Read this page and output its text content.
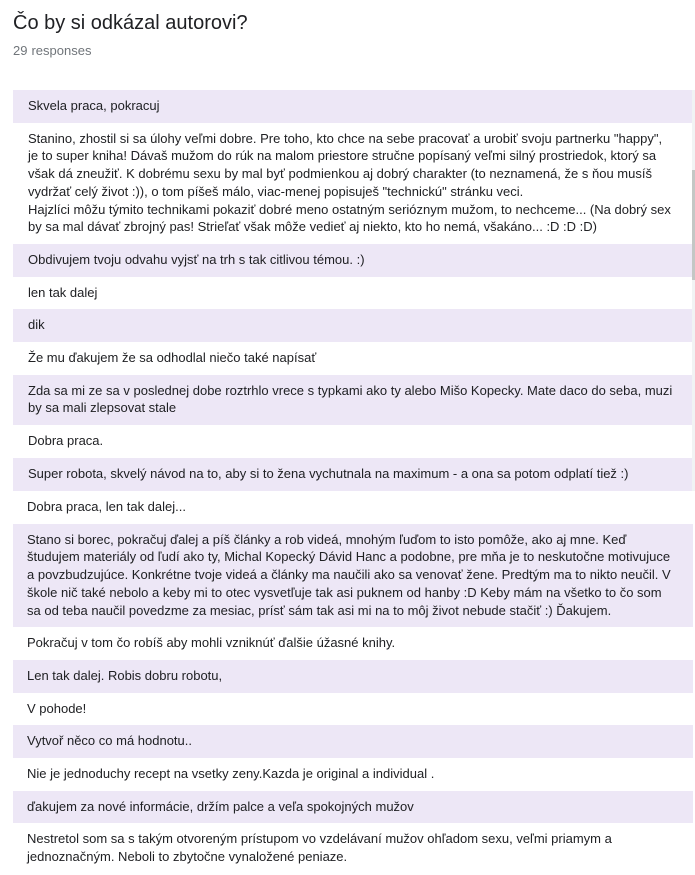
Čo by si odkázal autorovi?
29 responses
Skvela praca, pokracuj
Stanino, zhostil si sa úlohy veľmi dobre. Pre toho, kto chce na sebe pracovať a urobiť svoju partnerku "happy", je to super kniha! Dávaš mužom do rúk na malom priestore stručne popísaný veľmi silný prostriedok, ktorý sa však dá zneužiť. K dobrému sexu by mal byť podmienkou aj dobrý charakter (to neznamená, že s ňou musíš vydržať celý život :)), o tom píšeš málo, viac-menej popisuješ "technickú" stránku veci.
Hajzlíci môžu týmito technikami pokaziť dobré meno ostatným serióznym mužom, to nechceme... (Na dobrý sex by sa mal dávať zbrojný pas! Strieľať však môže vedieť aj niekto, kto ho nemá, všakáno... :D :D :D)
Obdivujem tvoju odvahu vyjsť na trh s tak citlivou témou. :)
len tak dalej
dik
Že mu ďakujem že sa odhodlal niečo také napísať
Zda sa mi ze sa v poslednej dobe roztrhlo vrece s typkami ako ty alebo Mišo Kopecky. Mate daco do seba, muzi by sa mali zlepsovat stale
Dobra praca.
Super robota, skvelý návod na to, aby si to žena vychutnala na maximum - a ona sa potom odplatí tiež :)
Dobra praca, len tak dalej...
Stano si borec, pokračuj ďalej a píš články a rob videá, mnohým ľuďom to isto pomôže, ako aj mne. Keď študujem materiály od ľudí ako ty, Michal Kopecký Dávid Hanc a podobne, pre mňa je to neskutočne motivujuce a povzbudzujúce. Konkrétne tvoje videá a články ma naučili ako sa venovať žene. Predtým ma to nikto neučil. V škole nič také nebolo a keby mi to otec vysvetľuje tak asi puknem od hanby :D Keby mám na všetko to čo som sa od teba naučil povedzme za mesiac, prísť sám tak asi mi na to môj život nebude stačiť :) Ďakujem.
Pokračuj v tom čo robíš aby mohli vzniknúť ďalšie úžasné knihy.
Len tak dalej. Robis dobru robotu,
V pohode!
Vytvoř něco co má hodnotu..
Nie je jednoduchy recept na vsetky zeny.Kazda je original a individual .
ďakujem za nové informácie, držím palce a veľa spokojných mužov
Nestretol som sa s takým otvoreným prístupom vo vzdelávaní mužov ohľadom sexu, veľmi priamym a jednoznačným. Neboli to zbytočne vynaložené peniaze.
